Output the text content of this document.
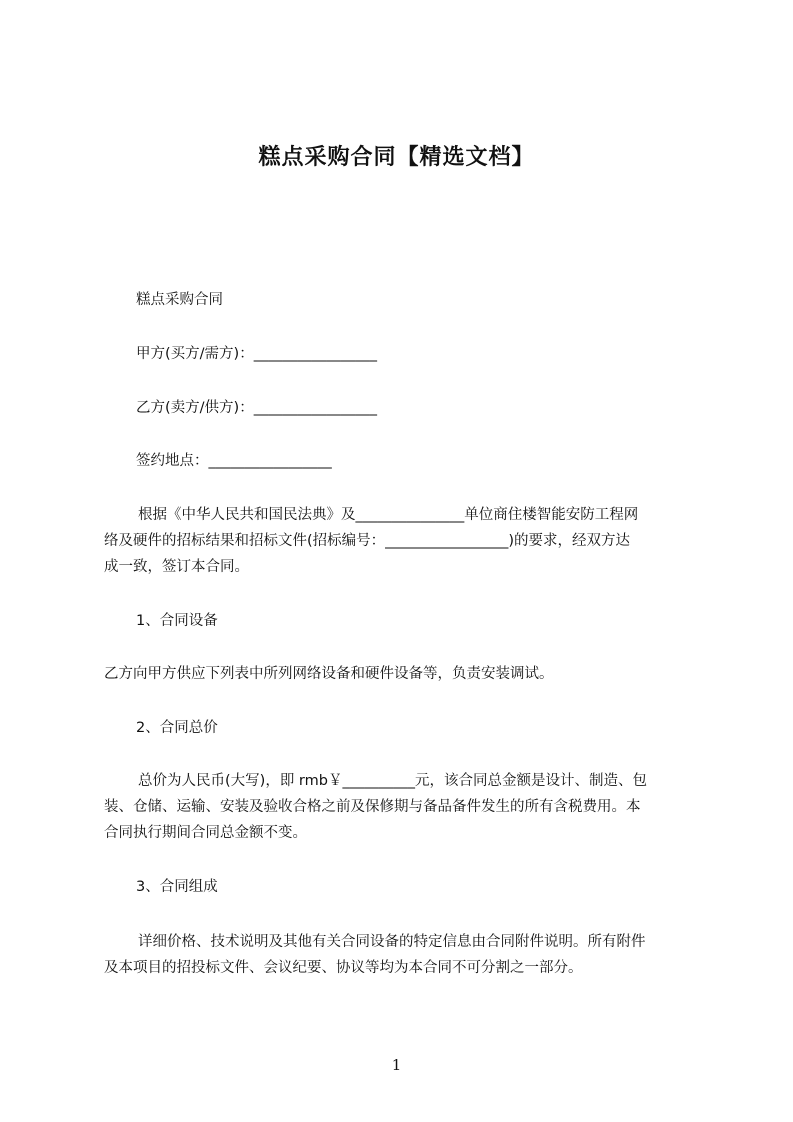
糕点采购合同【精选文档】
糕点采购合同
甲方(买方/需方)：_________________
乙方(卖方/供方)：_________________
签约地点：_________________
根据《中华人民共和国民法典》及_______________单位商住楼智能安防工程网
络及硬件的招标结果和招标文件(招标编号：_________________)的要求，经双方达
成一致，签订本合同。
1、合同设备
乙方向甲方供应下列表中所列网络设备和硬件设备等，负责安装调试。
2、合同总价
总价为人民币(大写)，即 rmb￥__________元，该合同总金额是设计、制造、包
装、仓储、运输、安装及验收合格之前及保修期与备品备件发生的所有含税费用。本
合同执行期间合同总金额不变。
3、合同组成
详细价格、技术说明及其他有关合同设备的特定信息由合同附件说明。所有附件
及本项目的招投标文件、会议纪要、协议等均为本合同不可分割之一部分。
1
